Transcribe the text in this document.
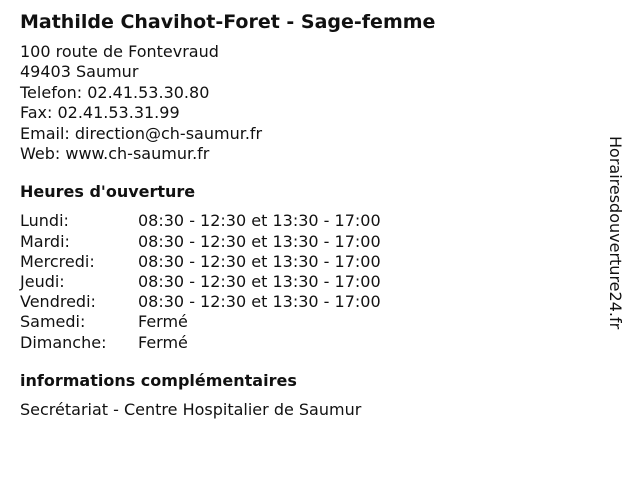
Mathilde Chavihot-Foret - Sage-femme
100 route de Fontevraud
49403 Saumur
Telefon: 02.41.53.30.80
Fax: 02.41.53.31.99
Email: direction@ch-saumur.fr
Web: www.ch-saumur.fr
Heures d'ouverture
Lundi:	08:30 - 12:30 et 13:30 - 17:00
Mardi:	08:30 - 12:30 et 13:30 - 17:00
Mercredi:	08:30 - 12:30 et 13:30 - 17:00
Jeudi:	08:30 - 12:30 et 13:30 - 17:00
Vendredi:	08:30 - 12:30 et 13:30 - 17:00
Samedi:	Fermé
Dimanche:	Fermé
informations complémentaires
Secrétariat - Centre Hospitalier de Saumur
Horairesdouverture24.fr
